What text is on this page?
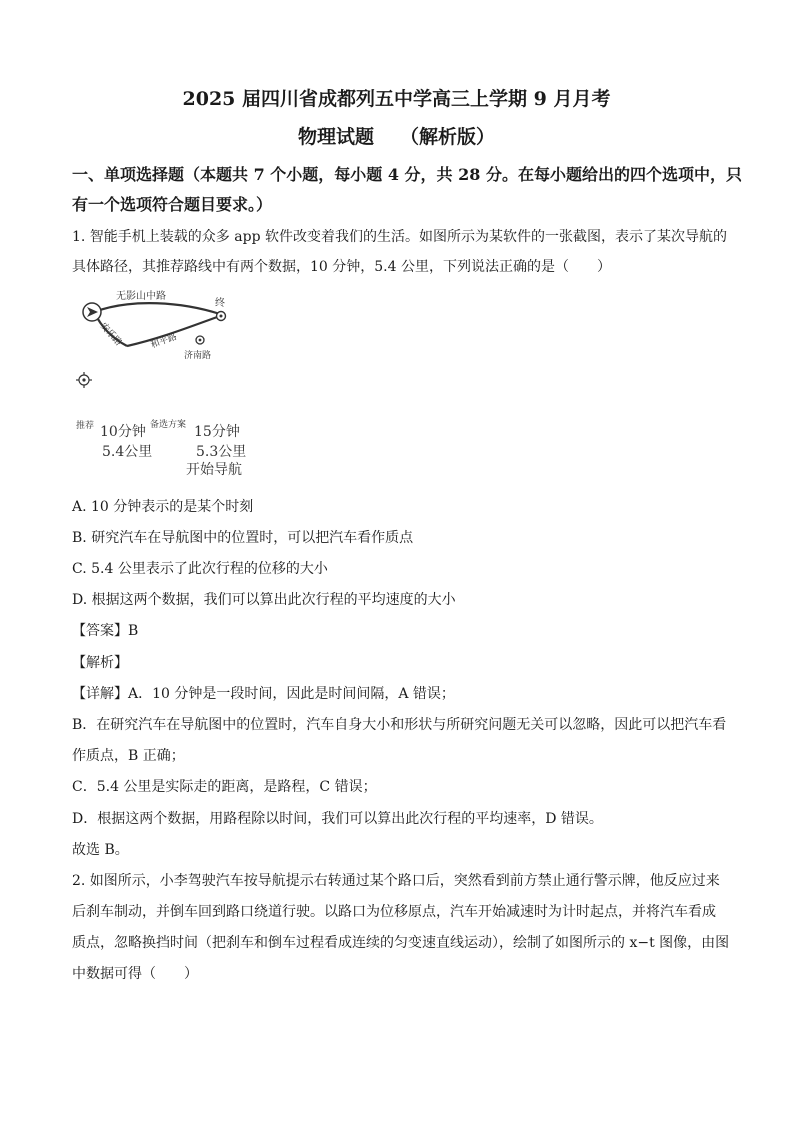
2025 届四川省成都列五中学高三上学期 9 月月考
物理试题 （解析版）
一、单项选择题（本题共 7 个小题，每小题 4 分，共 28 分。在每小题给出的四个选项中，只
有一个选项符合题目要求。）
1. 智能手机上装载的众多 app 软件改变着我们的生活。如图所示为某软件的一张截图，表示了某次导航的
具体路径，其推荐路线中有两个数据，10 分钟，5.4 公里，下列说法正确的是（　　）
无影山中路
终
安乐路	和平路
济南路
推荐 10分钟
5.4公里
备选方案 15分钟
5.3公里
开始导航
A. 10 分钟表示的是某个时刻
B. 研究汽车在导航图中的位置时，可以把汽车看作质点
C. 5.4 公里表示了此次行程的位移的大小
D. 根据这两个数据，我们可以算出此次行程的平均速度的大小
【答案】B
【解析】
【详解】A．10 分钟是一段时间，因此是时间间隔，A 错误；
B．在研究汽车在导航图中的位置时，汽车自身大小和形状与所研究问题无关可以忽略，因此可以把汽车看
作质点，B 正确；
C．5.4 公里是实际走的距离，是路程，C 错误；
D．根据这两个数据，用路程除以时间，我们可以算出此次行程的平均速率，D 错误。
故选 B。
2. 如图所示，小李驾驶汽车按导航提示右转通过某个路口后，突然看到前方禁止通行警示牌，他反应过来
后刹车制动，并倒车回到路口绕道行驶。以路口为位移原点，汽车开始减速时为计时起点，并将汽车看成
质点，忽略换挡时间（把刹车和倒车过程看成连续的匀变速直线运动），绘制了如图所示的 x−t 图像，由图
中数据可得（　　）
